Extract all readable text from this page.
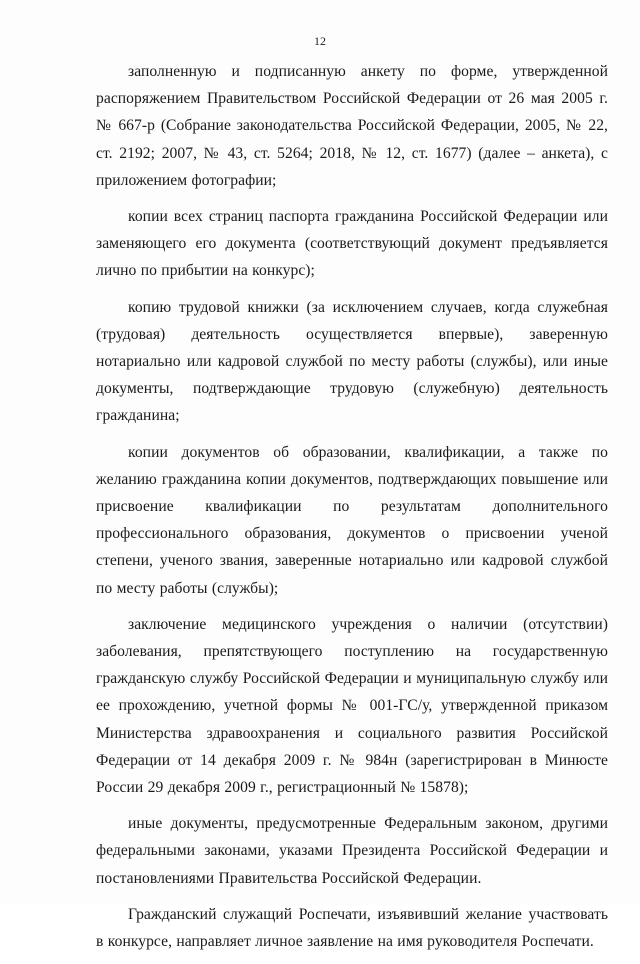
12

заполненную и подписанную анкету по форме, утвержденной распоряжением Правительством Российской Федерации от 26 мая 2005 г. № 667-р (Собрание законодательства Российской Федерации, 2005, № 22, ст. 2192; 2007, № 43, ст. 5264; 2018, № 12, ст. 1677) (далее – анкета), с приложением фотографии;

копии всех страниц паспорта гражданина Российской Федерации или заменяющего его документа (соответствующий документ предъявляется лично по прибытии на конкурс);

копию трудовой книжки (за исключением случаев, когда служебная (трудовая) деятельность осуществляется впервые), заверенную нотариально или кадровой службой по месту работы (службы), или иные документы, подтверждающие трудовую (служебную) деятельность гражданина;

копии документов об образовании, квалификации, а также по желанию гражданина копии документов, подтверждающих повышение или присвоение квалификации по результатам дополнительного профессионального образования, документов о присвоении ученой степени, ученого звания, заверенные нотариально или кадровой службой по месту работы (службы);

заключение медицинского учреждения о наличии (отсутствии) заболевания, препятствующего поступлению на государственную гражданскую службу Российской Федерации и муниципальную службу или ее прохождению, учетной формы № 001-ГС/у, утвержденной приказом Министерства здравоохранения и социального развития Российской Федерации от 14 декабря 2009 г. № 984н (зарегистрирован в Минюсте России 29 декабря 2009 г., регистрационный № 15878);

иные документы, предусмотренные Федеральным законом, другими федеральными законами, указами Президента Российской Федерации и постановлениями Правительства Российской Федерации.

Гражданский служащий Роспечати, изъявивший желание участвовать в конкурсе, направляет личное заявление на имя руководителя Роспечати.
